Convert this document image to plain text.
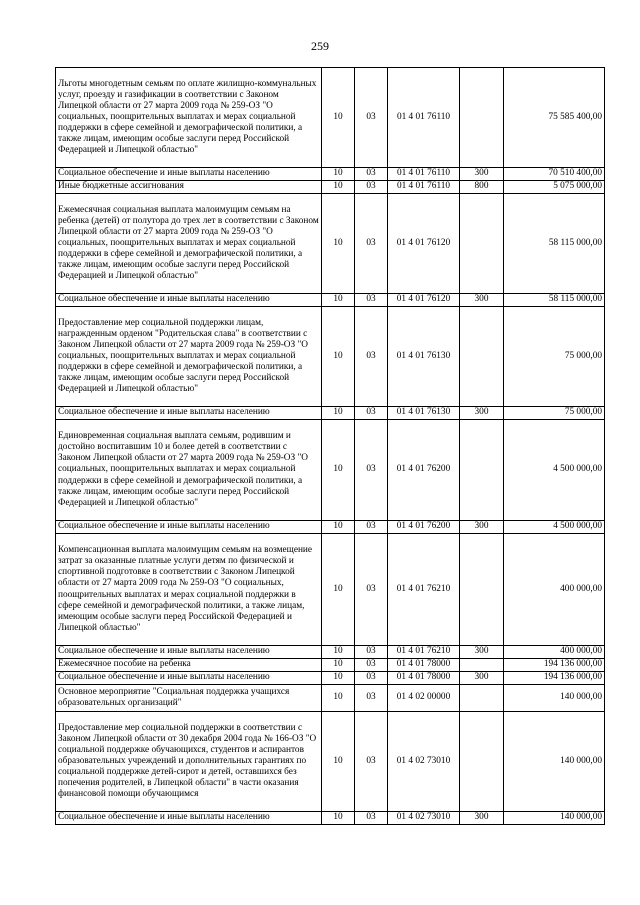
259
Льготы многодетным семьям по оплате жилищно-коммунальных услуг, проезду и газификации в соответствии с Законом Липецкой области от 27 марта 2009 года № 259-ОЗ "О социальных, поощрительных выплатах и мерах социальной поддержки в сфере семейной и демографической политики, а также лицам, имеющим особые заслуги перед Российской Федерацией и Липецкой областью"	10	03	01 4 01 76110		75 585 400,00
Социальное обеспечение и иные выплаты населению	10	03	01 4 01 76110	300	70 510 400,00
Иные бюджетные ассигнования	10	03	01 4 01 76110	800	5 075 000,00
Ежемесячная социальная выплата малоимущим семьям на ребенка (детей) от полутора до трех лет в соответствии с Законом Липецкой области от 27 марта 2009 года № 259-ОЗ "О социальных, поощрительных выплатах и мерах социальной поддержки в сфере семейной и демографической политики, а также лицам, имеющим особые заслуги перед Российской Федерацией и Липецкой областью"	10	03	01 4 01 76120		58 115 000,00
Социальное обеспечение и иные выплаты населению	10	03	01 4 01 76120	300	58 115 000,00
Предоставление мер социальной поддержки лицам, награжденным орденом "Родительская слава" в соответствии с Законом Липецкой области от 27 марта 2009 года № 259-ОЗ "О социальных, поощрительных выплатах и мерах социальной поддержки в сфере семейной и демографической политики, а также лицам, имеющим особые заслуги перед Российской Федерацией и Липецкой областью"	10	03	01 4 01 76130		75 000,00
Социальное обеспечение и иные выплаты населению	10	03	01 4 01 76130	300	75 000,00
Единовременная социальная выплата семьям, родившим и достойно воспитавшим 10 и более детей в соответствии с Законом Липецкой области от 27 марта 2009 года № 259-ОЗ "О социальных, поощрительных выплатах и мерах социальной поддержки в сфере семейной и демографической политики, а также лицам, имеющим особые заслуги перед Российской Федерацией и Липецкой областью"	10	03	01 4 01 76200		4 500 000,00
Социальное обеспечение и иные выплаты населению	10	03	01 4 01 76200	300	4 500 000,00
Компенсационная выплата малоимущим семьям на возмещение затрат за оказанные платные услуги детям по физической и спортивной подготовке в соответствии с Законом Липецкой области от 27 марта 2009 года № 259-ОЗ "О социальных, поощрительных выплатах и мерах социальной поддержки в сфере семейной и демографической политики, а также лицам, имеющим особые заслуги перед Российской Федерацией и Липецкой областью"	10	03	01 4 01 76210		400 000,00
Социальное обеспечение и иные выплаты населению	10	03	01 4 01 76210	300	400 000,00
Ежемесячное пособие на ребенка	10	03	01 4 01 78000		194 136 000,00
Социальное обеспечение и иные выплаты населению	10	03	01 4 01 78000	300	194 136 000,00
Основное мероприятие "Социальная поддержка учащихся образовательных организаций"	10	03	01 4 02 00000		140 000,00
Предоставление мер социальной поддержки в соответствии с Законом Липецкой области от 30 декабря 2004 года № 166-ОЗ "О социальной поддержке обучающихся, студентов и аспирантов образовательных учреждений и дополнительных гарантиях по социальной поддержке детей-сирот и детей, оставшихся без попечения родителей, в Липецкой области" в части оказания финансовой помощи обучающимся	10	03	01 4 02 73010		140 000,00
Социальное обеспечение и иные выплаты населению	10	03	01 4 02 73010	300	140 000,00
